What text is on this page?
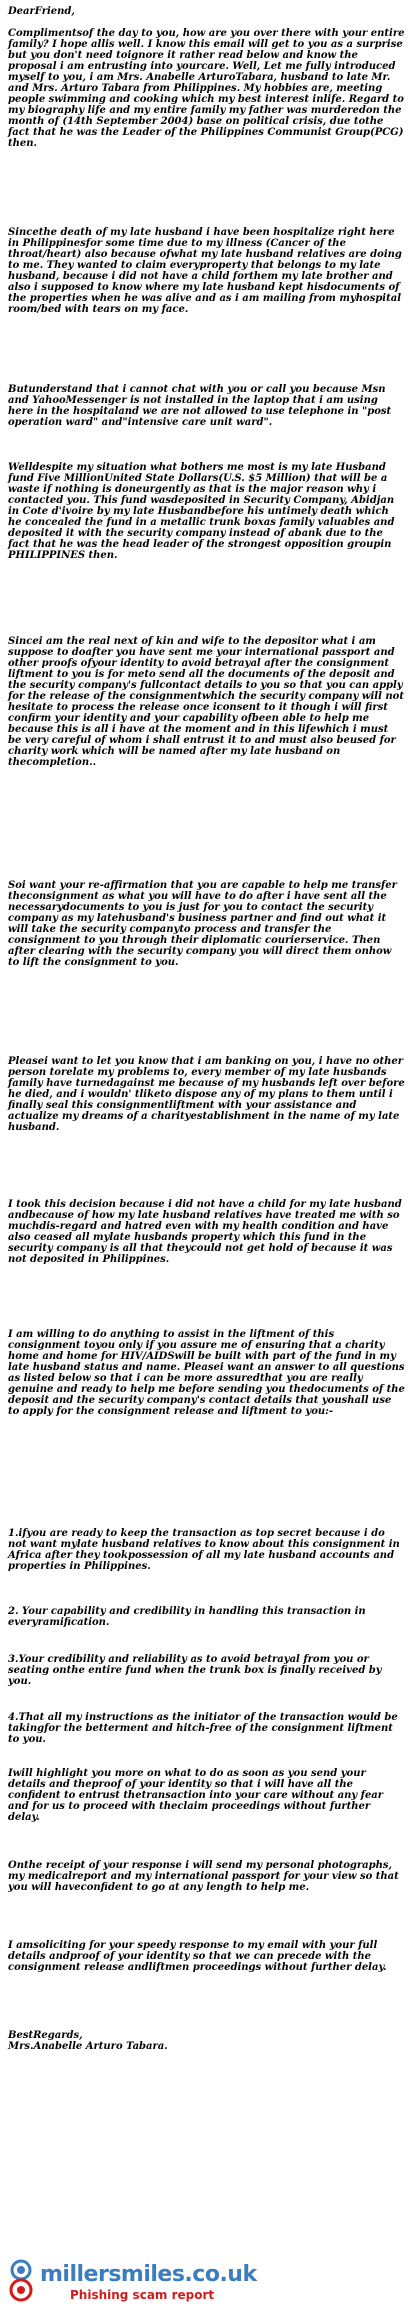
DearFriend,

Complimentsof the day to you, how are you over there with your entire family? I hope allis well. I know this email will get to you as a surprise but you don't need toignore it rather read below and know the proposal i am entrusting into yourcare. Well, Let me fully introduced myself to you, i am Mrs. Anabelle ArturoTabara, husband to late Mr. and Mrs. Arturo Tabara from Philippines. My hobbies are, meeting people swimming and cooking which my best interest inlife. Regard to my biography life and my entire family my father was murderedon the month of (14th September 2004) base on political crisis, due tothe fact that he was the Leader of the Philippines Communist Group(PCG) then.

Sincethe death of my late husband i have been hospitalize right here in Philippinesfor some time due to my illness (Cancer of the throat/heart) also because ofwhat my late husband relatives are doing to me. They wanted to claim everyproperty that belongs to my late husband, because i did not have a child forthem my late brother and also i supposed to know where my late husband kept hisdocuments of the properties when he was alive and as i am mailing from myhospital room/bed with tears on my face.

Butunderstand that i cannot chat with you or call you because Msn and YahooMessenger is not installed in the laptop that i am using here in the hospitaland we are not allowed to use telephone in "post operation ward" and"intensive care unit ward".

Welldespite my situation what bothers me most is my late Husband fund Five MillionUnited State Dollars(U.S. $5 Million) that will be a waste if nothing is doneurgently as that is the major reason why i contacted you. This fund wasdeposited in Security Company, Abidjan in Cote d'ivoire by my late Husbandbefore his untimely death which he concealed the fund in a metallic trunk boxas family valuables and deposited it with the security company instead of abank due to the fact that he was the head leader of the strongest opposition groupin PHILIPPINES then.

Sincei am the real next of kin and wife to the depositor what i am suppose to doafter you have sent me your international passport and other proofs ofyour identity to avoid betrayal after the consignment liftment to you is for meto send all the documents of the deposit and the security company's fullcontact details to you so that you can apply for the release of the consignmentwhich the security company will not hesitate to process the release once iconsent to it though i will first confirm your identity and your capability ofbeen able to help me because this is all i have at the moment and in this lifewhich i must be very careful of whom i shall entrust it to and must also beused for charity work which will be named after my late husband on thecompletion..

Soi want your re-affirmation that you are capable to help me transfer theconsignment as what you will have to do after i have sent all the necessarydocuments to you is just for you to contact the security company as my latehusband's business partner and find out what it will take the security companyto process and transfer the consignment to you through their diplomatic courierservice. Then after clearing with the security company you will direct them onhow to lift the consignment to you.

Pleasei want to let you know that i am banking on you, i have no other person torelate my problems to, every member of my late husbands family have turnedagainst me because of my husbands left over before he died, and i wouldn' tliketo dispose any of my plans to them until i finally seal this consignmentliftment with your assistance and actualize my dreams of a charityestablishment in the name of my late husband.

I took this decision because i did not have a child for my late husband andbecause of how my late husband relatives have treated me with so muchdis-regard and hatred even with my health condition and have also ceased all mylate husbands property which this fund in the security company is all that theycould not get hold of because it was not deposited in Philippines.

I am willing to do anything to assist in the liftment of this consignment toyou only if you assure me of ensuring that a charity home and home for HIV/AIDSwill be built with part of the fund in my late husband status and name. Pleasei want an answer to all questions as listed below so that i can be more assuredthat you are really genuine and ready to help me before sending you thedocuments of the deposit and the security company's contact details that youshall use to apply for the consignment release and liftment to you:-

1.ifyou are ready to keep the transaction as top secret because i do not want mylate husband relatives to know about this consignment in Africa after they tookpossession of all my late husband accounts and properties in Philippines.

2. Your capability and credibility in handling this transaction in everyramification.

3.Your credibility and reliability as to avoid betrayal from you or seating onthe entire fund when the trunk box is finally received by you.

4.That all my instructions as the initiator of the transaction would be takingfor the betterment and hitch-free of the consignment liftment to you.

Iwill highlight you more on what to do as soon as you send your details and theproof of your identity so that i will have all the confident to entrust thetransaction into your care without any fear and for us to proceed with theclaim proceedings without further delay.

Onthe receipt of your response i will send my personal photographs, my medicalreport and my international passport for your view so that you will haveconfident to go at any length to help me.

I amsoliciting for your speedy response to my email with your full details andproof of your identity so that we can precede with the consignment release andliftmen proceedings without further delay.

BestRegards,
Mrs.Anabelle Arturo Tabara.

millersmiles.co.uk
Phishing scam report
